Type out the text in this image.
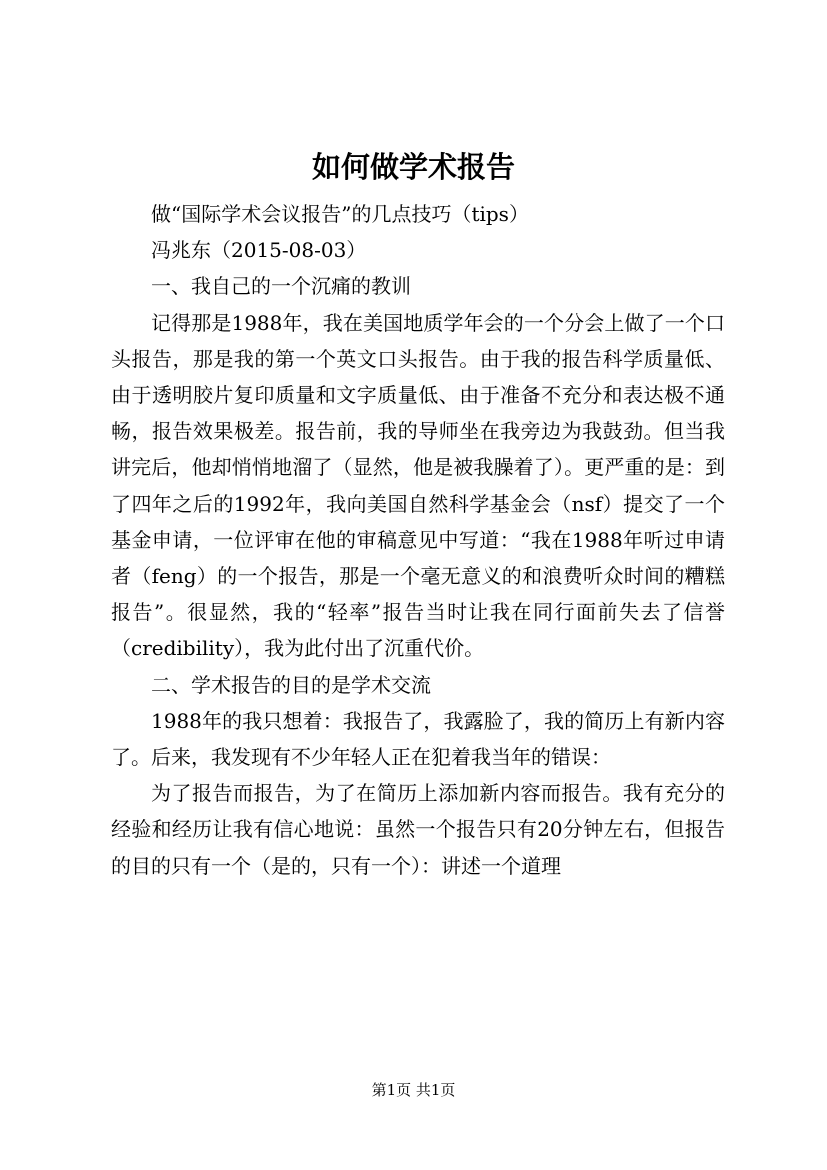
如何做学术报告

做“国际学术会议报告”的几点技巧（tips）

冯兆东（2015-08-03）

一、我自己的一个沉痛的教训

记得那是1988年，我在美国地质学年会的一个分会上做了一个口头报告，那是我的第一个英文口头报告。由于我的报告科学质量低、由于透明胶片复印质量和文字质量低、由于准备不充分和表达极不通畅，报告效果极差。报告前，我的导师坐在我旁边为我鼓劲。但当我讲完后，他却悄悄地溜了（显然，他是被我臊着了）。更严重的是：到了四年之后的1992年，我向美国自然科学基金会（nsf）提交了一个基金申请，一位评审在他的审稿意见中写道：“我在1988年听过申请者（feng）的一个报告，那是一个毫无意义的和浪费听众时间的糟糕报告”。很显然，我的“轻率”报告当时让我在同行面前失去了信誉（credibility），我为此付出了沉重代价。

二、学术报告的目的是学术交流

1988年的我只想着：我报告了，我露脸了，我的简历上有新内容了。后来，我发现有不少年轻人正在犯着我当年的错误：

为了报告而报告，为了在简历上添加新内容而报告。我有充分的经验和经历让我有信心地说：虽然一个报告只有20分钟左右，但报告的目的只有一个（是的，只有一个）：讲述一个道理

第1页 共1页
